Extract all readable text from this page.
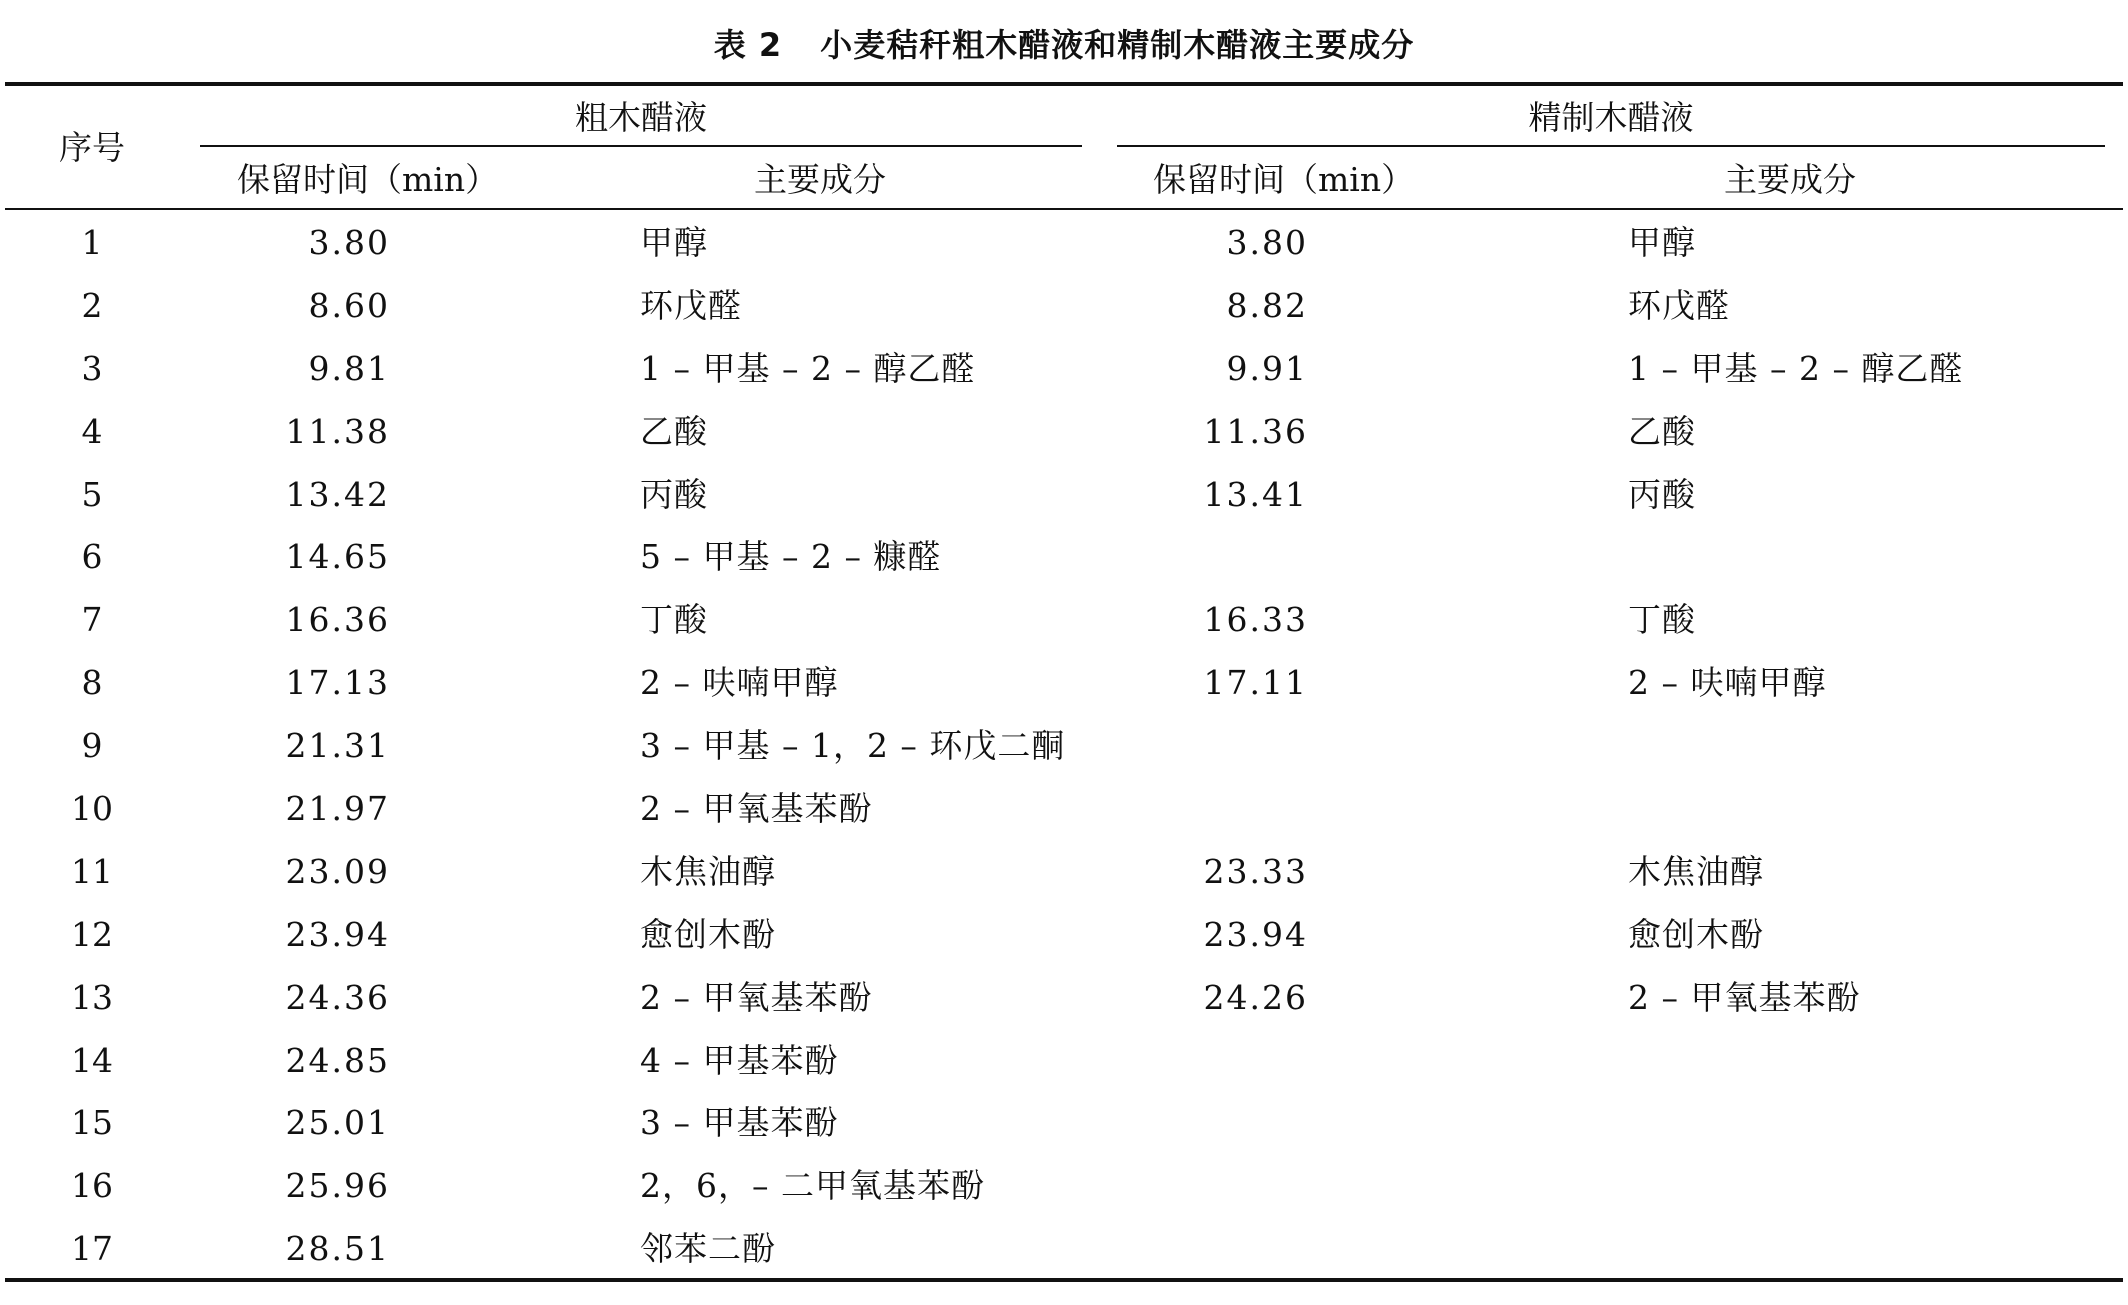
表 2 小麦秸秆粗木醋液和精制木醋液主要成分
序号
粗木醋液	精制木醋液
保留时间（min）	主要成分	保留时间（min）	主要成分
1	3.80	甲醇	3.80	甲醇
2	8.60	环戊醛	8.82	环戊醛
3	9.81	1 – 甲基 – 2 – 醇乙醛	9.91	1 – 甲基 – 2 – 醇乙醛
4	11.38	乙酸	11.36	乙酸
5	13.42	丙酸	13.41	丙酸
6	14.65	5 – 甲基 – 2 – 糠醛
7	16.36	丁酸	16.33	丁酸
8	17.13	2 – 呋喃甲醇	17.11	2 – 呋喃甲醇
9	21.31	3 – 甲基 – 1，2 – 环戊二酮
10	21.97	2 – 甲氧基苯酚
11	23.09	木焦油醇	23.33	木焦油醇
12	23.94	愈创木酚	23.94	愈创木酚
13	24.36	2 – 甲氧基苯酚	24.26	2 – 甲氧基苯酚
14	24.85	4 – 甲基苯酚
15	25.01	3 – 甲基苯酚
16	25.96	2，6，– 二甲氧基苯酚
17	28.51	邻苯二酚
